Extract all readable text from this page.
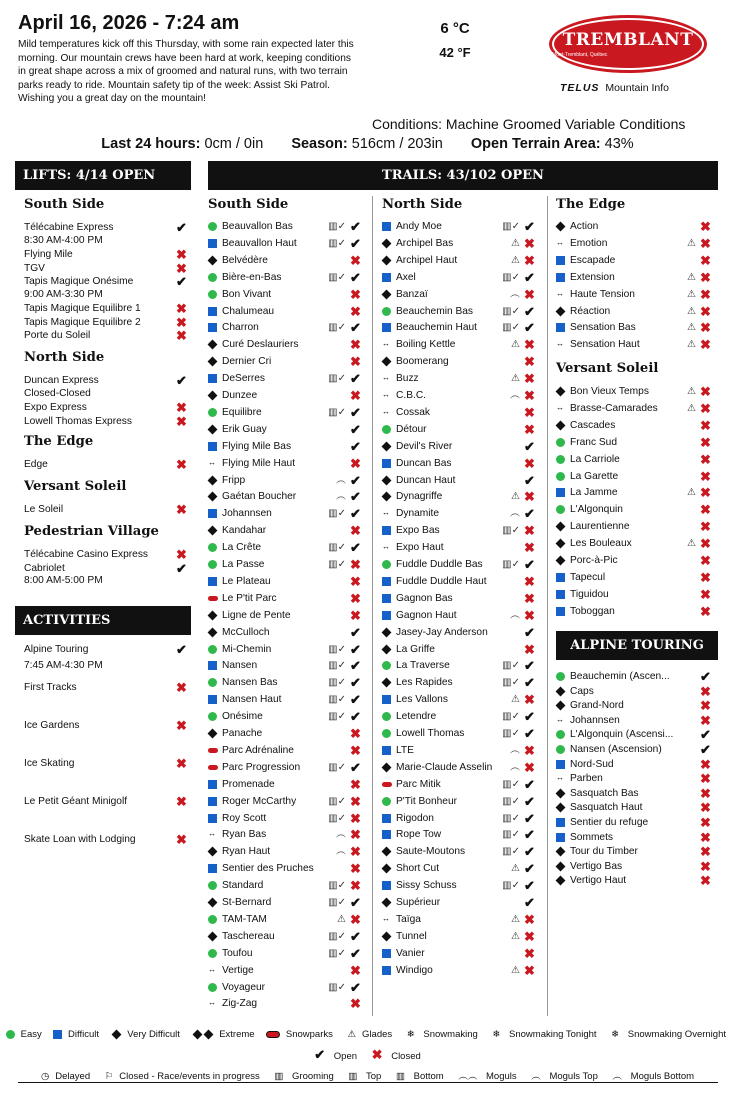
April 16, 2026 - 7:24 am
Mild temperatures kick off this Thursday, with some rain expected later this morning. Our mountain crews have been hard at work, keeping conditions in great shape across a mix of groomed and natural runs, with two terrain parks ready to ride. Mountain safety tip of the week: Assist Ski Patrol. Wishing you a great day on the mountain!
6 °C
42 °F
TREMBLANT
Mont-Tremblant, Québec
TELUS Mountain Info
Conditions: Machine Groomed Variable Conditions
Last 24 hours: 0cm / 0in Season: 516cm / 203in Open Terrain Area: 43%
LIFTS: 4/14 OPEN
ACTIVITIES
TRAILS: 43/102 OPEN
ALPINE TOURING
South Side
Télécabine Express	✔
8:30 AM-4:00 PM
Flying Mile	✖
TGV	✖
Tapis Magique Onésime	✔
9:00 AM-3:30 PM
Tapis Magique Equilibre 1	✖
Tapis Magique Equilibre 2	✖
Porte du Soleil	✖
North Side
Duncan Express	✔
Closed-Closed
Expo Express	✖
Lowell Thomas Express	✖
The Edge
Edge	✖
Versant Soleil
Le Soleil	✖
Pedestrian Village
Télécabine Casino Express ✖
Cabriolet	✔
8:00 AM-5:00 PM
Alpine Touring	✔
7:45 AM-4:30 PM
First Tracks	✖
Ice Gardens	✖
Ice Skating	✖
Le Petit Géant Minigolf	✖
Skate Loan with Lodging	✖
South Side
Beauvallon Bas	▥✓ ✔
Beauvallon Haut	▥✓ ✔
Belvédère	✖
Bière-en-Bas	▥✓ ✔
Bon Vivant	✖
Chalumeau	✖
Charron	▥✓ ✔
Curé Deslauriers	✖
Dernier Cri	✖
DeSerres	▥✓ ✔
Dunzee	✖
Equilibre	▥✓ ✔
Erik Guay	✔
Flying Mile Bas	✔
↔ Flying Mile Haut	✖
Fripp	︵ ✔
Gaétan Boucher	︵ ✔
Johannsen	▥✓ ✔
Kandahar	✖
La Crête	▥✓ ✔
La Passe	▥✓ ✖
Le Plateau	✖
Le P'tit Parc	✖
Ligne de Pente	✖
McCulloch	✔
Mi-Chemin	▥✓ ✔
Nansen	▥✓ ✔
Nansen Bas	▥✓ ✔
Nansen Haut	▥✓ ✔
Onésime	▥✓ ✔
Panache	✖
Parc Adrénaline	✖
Parc Progression	▥✓ ✔
Promenade	✖
Roger McCarthy	▥✓ ✖
Roy Scott	▥✓ ✖
↔ Ryan Bas	︵ ✖
Ryan Haut	︵ ✖
Sentier des Pruches	✖
Standard	▥✓ ✖
St-Bernard	▥✓ ✔
TAM-TAM	⚠ ✖
Taschereau	▥✓ ✔
Toufou	▥✓ ✔
↔ Vertige	✖
Voyageur	▥✓ ✔
↔ Zig-Zag	✖
North Side
Andy Moe	▥✓ ✔
Archipel Bas	⚠ ✖
Archipel Haut	⚠ ✖
Axel	▥✓ ✔
Banzaï	︵ ✖
Beauchemin Bas	▥✓ ✔
Beauchemin Haut	▥✓ ✔
↔ Boiling Kettle	⚠ ✖
Boomerang	✖
↔ Buzz	⚠ ✖
↔ C.B.C.	︵ ✖
↔ Cossak	✖
Détour	✖
Devil's River	✔
Duncan Bas	✖
Duncan Haut	✔
Dynagriffe	⚠ ✖
↔ Dynamite	︵ ✔
Expo Bas	▥✓ ✖
↔ Expo Haut	✖
Fuddle Duddle Bas	▥✓ ✔
Fuddle Duddle Haut	✖
Gagnon Bas	✖
Gagnon Haut	︵ ✖
Jasey-Jay Anderson	✔
La Griffe	✖
La Traverse	▥✓ ✔
Les Rapides	▥✓ ✔
Les Vallons	⚠ ✖
Letendre	▥✓ ✔
Lowell Thomas	▥✓ ✔
LTE	︵ ✖
Marie-Claude Asselin	︵ ✖
Parc Mitik	▥✓ ✔
P'Tit Bonheur	▥✓ ✔
Rigodon	▥✓ ✔
Rope Tow	▥✓ ✔
Saute-Moutons	▥✓ ✔
Short Cut	⚠ ✔
Sissy Schuss	▥✓ ✔
Supérieur	✔
↔ Taïga	⚠ ✖
Tunnel	⚠ ✖
Vanier	✖
Windigo	⚠ ✖
The Edge
Action	✖
↔ Emotion	⚠ ✖
Escapade	✖
Extension	⚠ ✖
↔ Haute Tension	⚠ ✖
Réaction	⚠ ✖
Sensation Bas	⚠ ✖
↔ Sensation Haut	⚠ ✖
Versant Soleil
Bon Vieux Temps	⚠ ✖
↔ Brasse-Camarades	⚠ ✖
Cascades	✖
Franc Sud	✖
La Carriole	✖
La Garette	✖
La Jamme	⚠ ✖
L'Algonquin	✖
Laurentienne	✖
Les Bouleaux	⚠ ✖
Porc-à-Pic	✖
Tapecul	✖
Tiguidou	✖
Toboggan	✖
Beauchemin (Ascen... ✔
Caps	✖
Grand-Nord	✖
↔ Johannsen	✖
L'Algonquin (Ascensi... ✔
Nansen (Ascension)	✔
Nord-Sud	✖
↔ Parben	✖
Sasquatch Bas	✖
Sasquatch Haut	✖
Sentier du refuge	✖
Sommets	✖
Tour du Timber	✖
Vertigo Bas	✖
Vertigo Haut	✖
Easy	Difficult	Very Difficult	Extreme	Snowparks ⚠ Glades ❄ Snowmaking ❄ Snowmaking Tonight ❄ Snowmaking Overnight
✔ Open ✖ Closed
◷ Delayed ⚐ Closed - Race/events in progress ▥ Grooming ▥ Top ▥ Bottom ︵︵ Moguls ︵ Moguls Top ︵ Moguls Bottom
